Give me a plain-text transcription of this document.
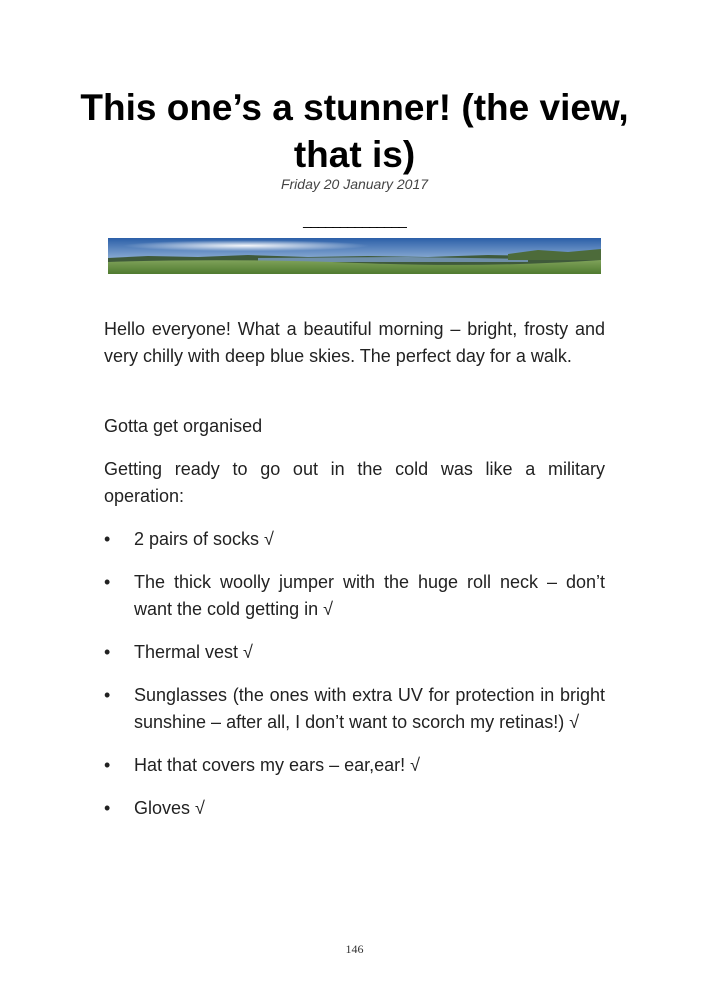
This one’s a stunner! (the view, that is)
Friday 20 January 2017
______________

Hello everyone! What a beautiful morning – bright, frosty and very chilly with deep blue skies. The perfect day for a walk.

Gotta get organised

Getting ready to go out in the cold was like a military operation:

•	2 pairs of socks √
•	The thick woolly jumper with the huge roll neck – don’t want the cold getting in √
•	Thermal vest √
•	Sunglasses (the ones with extra UV for protection in bright sunshine – after all, I don’t want to scorch my retinas!) √
•	Hat that covers my ears – ear,ear! √
•	Gloves √
146
